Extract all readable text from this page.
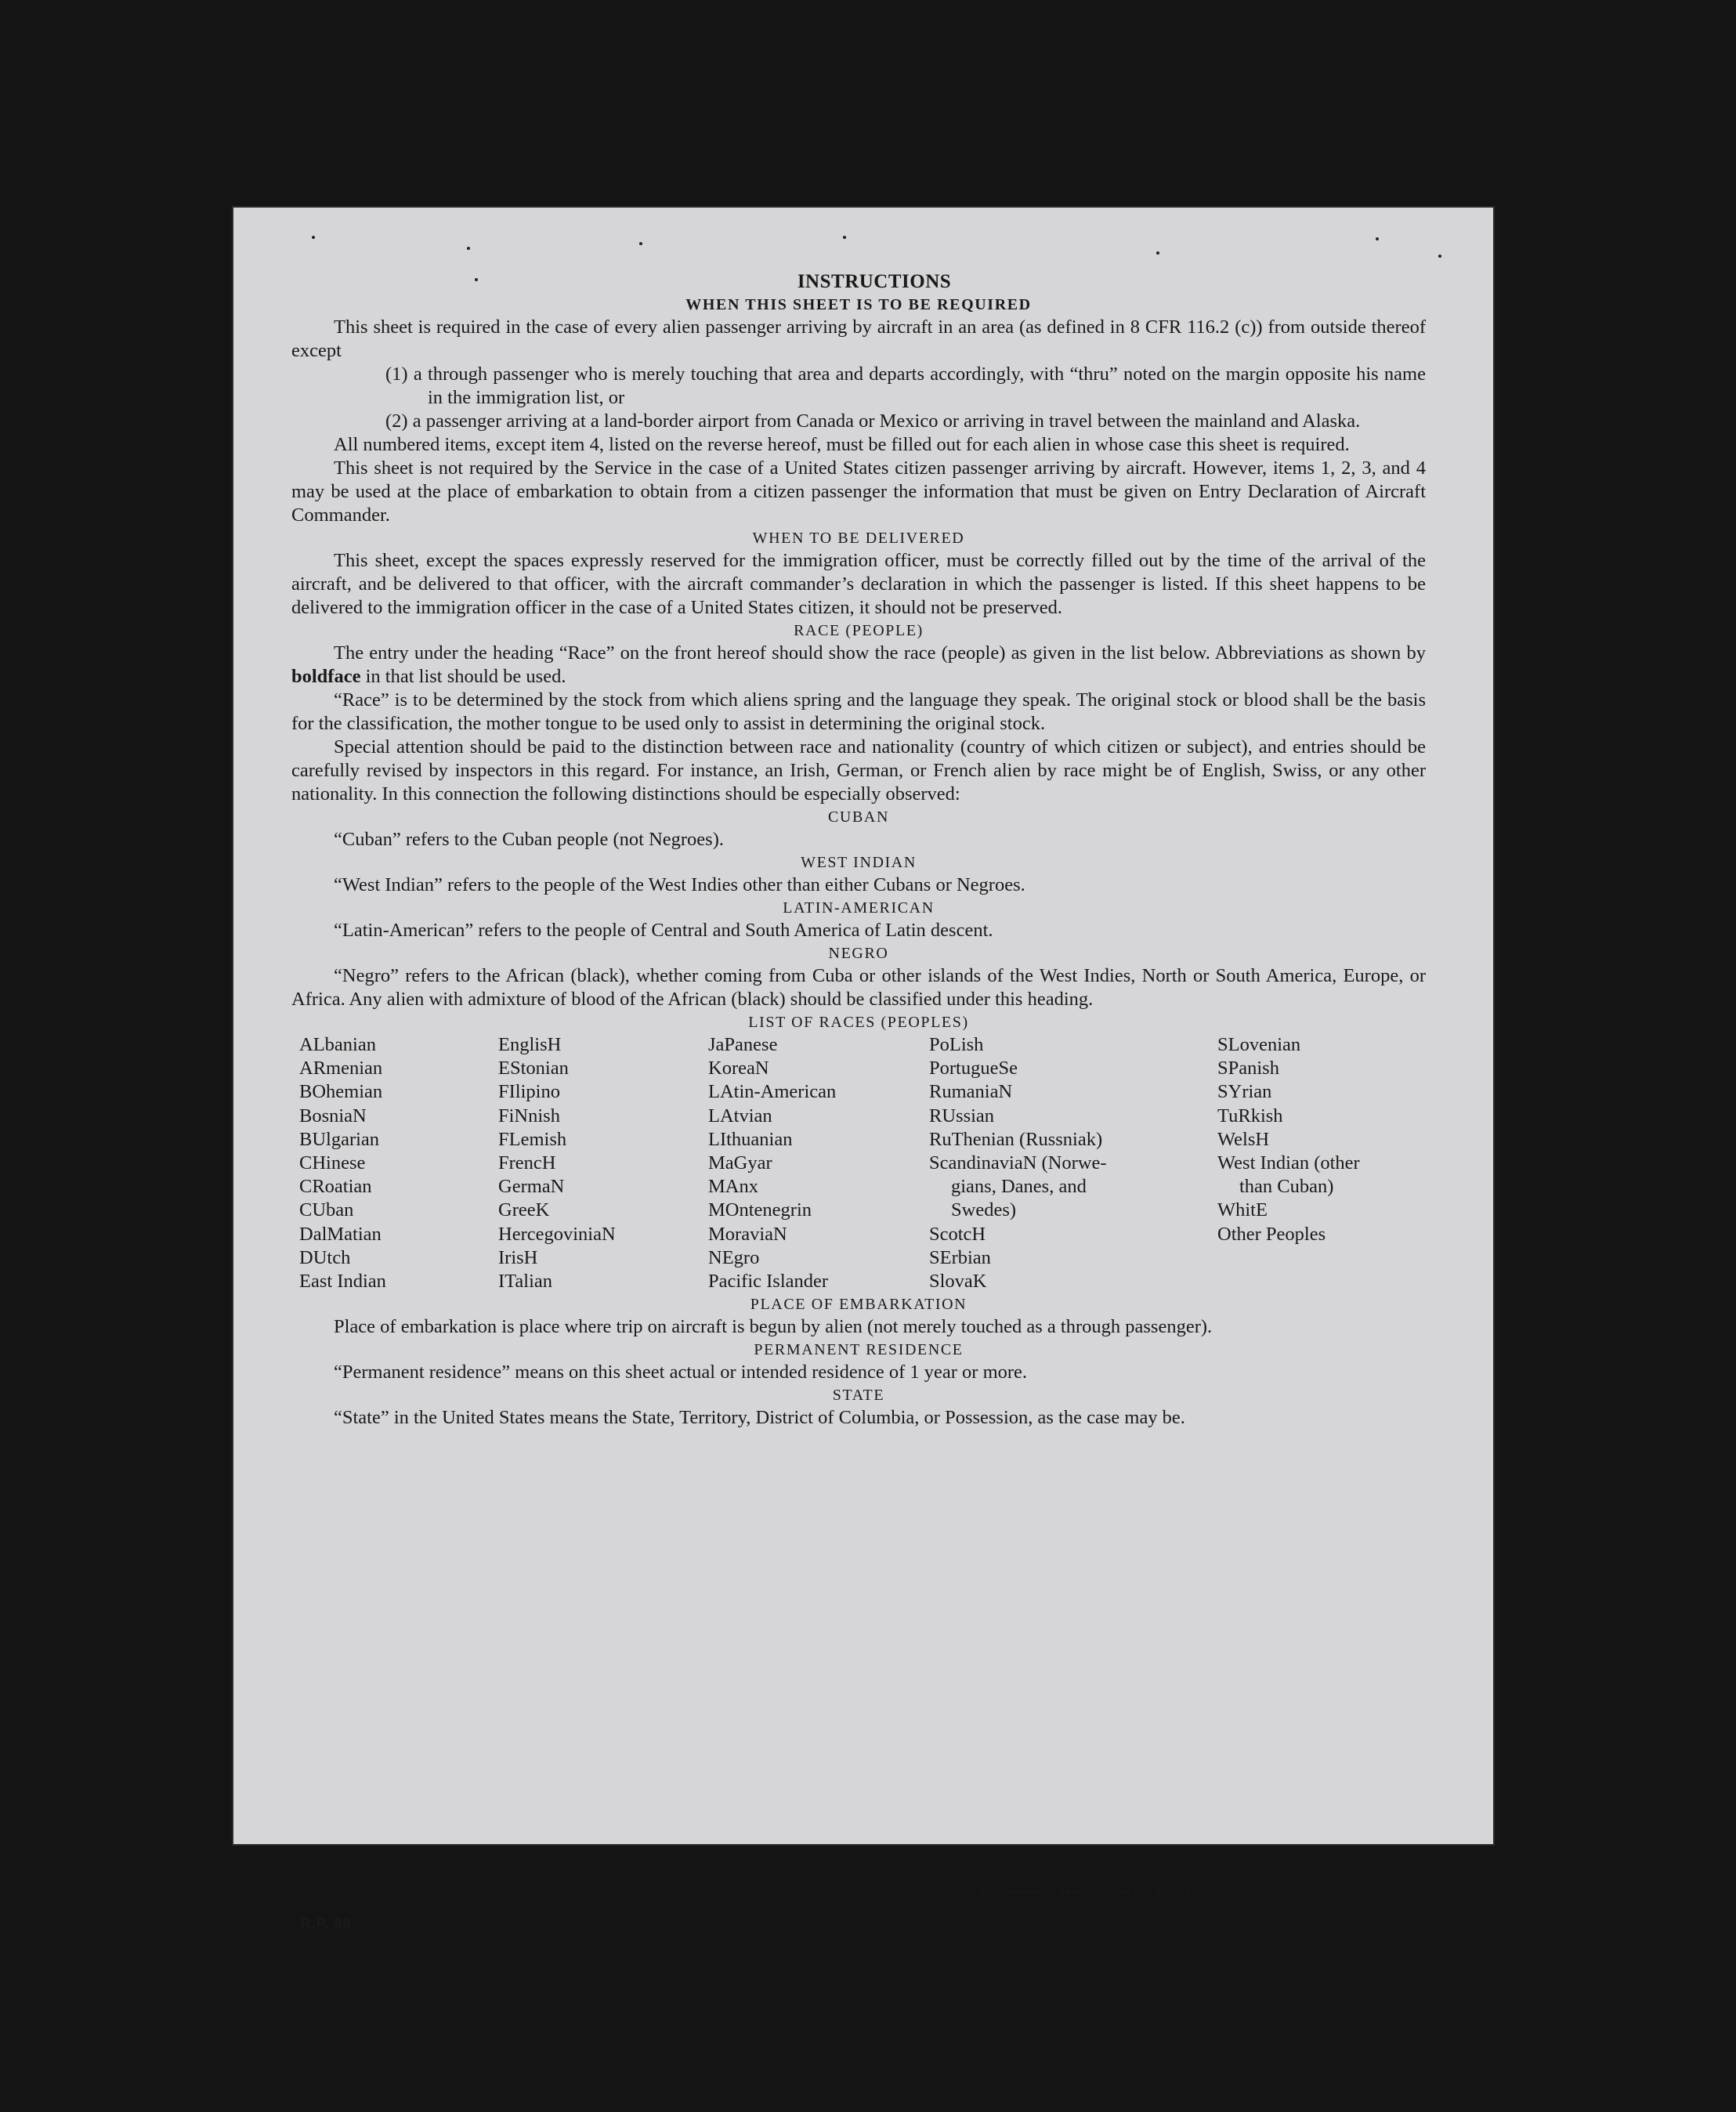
INSTRUCTIONS
WHEN THIS SHEET IS TO BE REQUIRED

This sheet is required in the case of every alien passenger arriving by aircraft in an area (as defined in 8 CFR 116.2 (c)) from outside thereof except

(1) a through passenger who is merely touching that area and departs accordingly, with “thru” noted on the margin opposite his name in the immigration list, or

(2) a passenger arriving at a land-border airport from Canada or Mexico or arriving in travel between the mainland and Alaska.

All numbered items, except item 4, listed on the reverse hereof, must be filled out for each alien in whose case this sheet is required.

This sheet is not required by the Service in the case of a United States citizen passenger arriving by aircraft. However, items 1, 2, 3, and 4 may be used at the place of embarkation to obtain from a citizen passenger the information that must be given on Entry Declaration of Aircraft Commander.

WHEN TO BE DELIVERED

This sheet, except the spaces expressly reserved for the immigration officer, must be correctly filled out by the time of the arrival of the aircraft, and be delivered to that officer, with the aircraft commander’s declaration in which the passenger is listed. If this sheet happens to be delivered to the immigration officer in the case of a United States citizen, it should not be preserved.

RACE (PEOPLE)

The entry under the heading “Race” on the front hereof should show the race (people) as given in the list below. Abbreviations as shown by boldface in that list should be used.

“Race” is to be determined by the stock from which aliens spring and the language they speak. The original stock or blood shall be the basis for the classification, the mother tongue to be used only to assist in determining the original stock.

Special attention should be paid to the distinction between race and nationality (country of which citizen or subject), and entries should be carefully revised by inspectors in this regard. For instance, an Irish, German, or French alien by race might be of English, Swiss, or any other nationality. In this connection the following distinctions should be especially observed:

CUBAN

“Cuban” refers to the Cuban people (not Negroes).

WEST INDIAN

“West Indian” refers to the people of the West Indies other than either Cubans or Negroes.

LATIN-AMERICAN

“Latin-American” refers to the people of Central and South America of Latin descent.

NEGRO

“Negro” refers to the African (black), whether coming from Cuba or other islands of the West Indies, North or South America, Europe, or Africa. Any alien with admixture of blood of the African (black) should be classified under this heading.

LIST OF RACES (PEOPLES)
ALbanian
ARmenian
BOhemian
BosniaN
BUlgarian
CHinese
CRoatian
CUban
DalMatian
DUtch
East Indian
EnglisH
EStonian
FIlipino
FiNnish
FLemish
FrencH
GermaN
GreeK
HercegoviniaN
IrisH
ITalian
JaPanese
KoreaN
LAtin-American
LAtvian
LIthuanian
MaGyar
MAnx
MOntenegrin
MoraviaN
NEgro
Pacific Islander
PoLish
PortugueSe
RumaniaN
RUssian
RuThenian (Russniak)
ScandinaviaN (Norwe-
gians, Danes, and
Swedes)
ScotcH
SErbian
SlovaK
SLovenian
SPanish
SYrian
TuRkish
WelsH
West Indian (other
than Cuban)
WhitE
Other Peoples
PLACE OF EMBARKATION

Place of embarkation is place where trip on aircraft is begun by alien (not merely touched as a through passenger).

PERMANENT RESIDENCE

“Permanent residence” means on this sheet actual or intended residence of 1 year or more.

STATE

“State” in the United States means the State, Territory, District of Columbia, or Possession, as the case may be.

U. S. GOVERNMENT PRINTING OFFICE 16-24915-4
R.P. 98
